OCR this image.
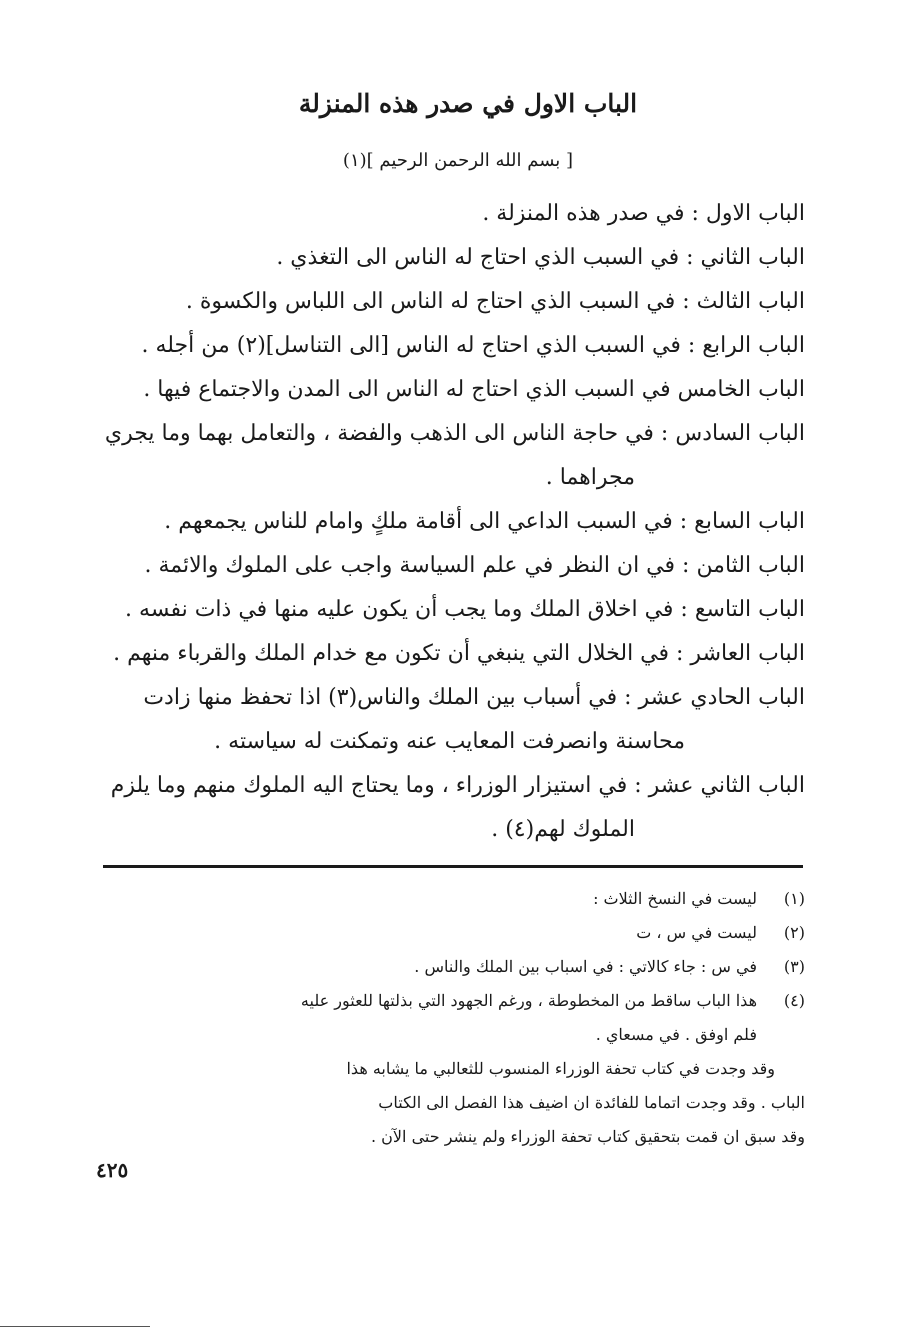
الباب الاول في صدر هذه المنزلة
[ بسم الله الرحمن الرحيم ](١)
الباب الاول : في صدر هذه المنزلة .
الباب الثاني : في السبب الذي احتاج له الناس الى التغذي .
الباب الثالث : في السبب الذي احتاج له الناس الى اللباس والكسوة .
الباب الرابع : في السبب الذي احتاج له الناس [الى التناسل](٢) من أجله .
الباب الخامس في السبب الذي احتاج له الناس الى المدن والاجتماع فيها .
الباب السادس : في حاجة الناس الى الذهب والفضة ، والتعامل بهما وما يجري
مجراهما .
الباب السابع : في السبب الداعي الى أقامة ملكٍ وامام للناس يجمعهم .
الباب الثامن : في ان النظر في علم السياسة واجب على الملوك والائمة .
الباب التاسع : في اخلاق الملك وما يجب أن يكون عليه منها في ذات نفسه .
الباب العاشر : في الخلال التي ينبغي أن تكون مع خدام الملك والقرباء منهم .
الباب الحادي عشر : في أسباب بين الملك والناس(٣) اذا تحفظ منها زادت
محاسنة وانصرفت المعايب عنه وتمكنت له سياسته .
الباب الثاني عشر : في استيزار الوزراء ، وما يحتاج اليه الملوك منهم وما يلزم
الملوك لهم(٤) .
(١)
ليست في النسخ الثلاث :
(٢)
ليست في س ، ت
(٣)
في س : جاء كالاتي : في اسباب بين الملك والناس .
(٤)
هذا الباب ساقط من المخطوطة ، ورغم الجهود التي بذلتها للعثور عليه
فلم اوفق . في مسعاي .
وقد وجدت في كتاب تحفة الوزراء المنسوب للثعالبي ما يشابه هذا
الباب . وقد وجدت اتماما للفائدة ان اضيف هذا الفصل الى الكتاب
وقد سبق ان قمت بتحقيق كتاب تحفة الوزراء ولم ينشر حتى الآن .
٤٢٥
